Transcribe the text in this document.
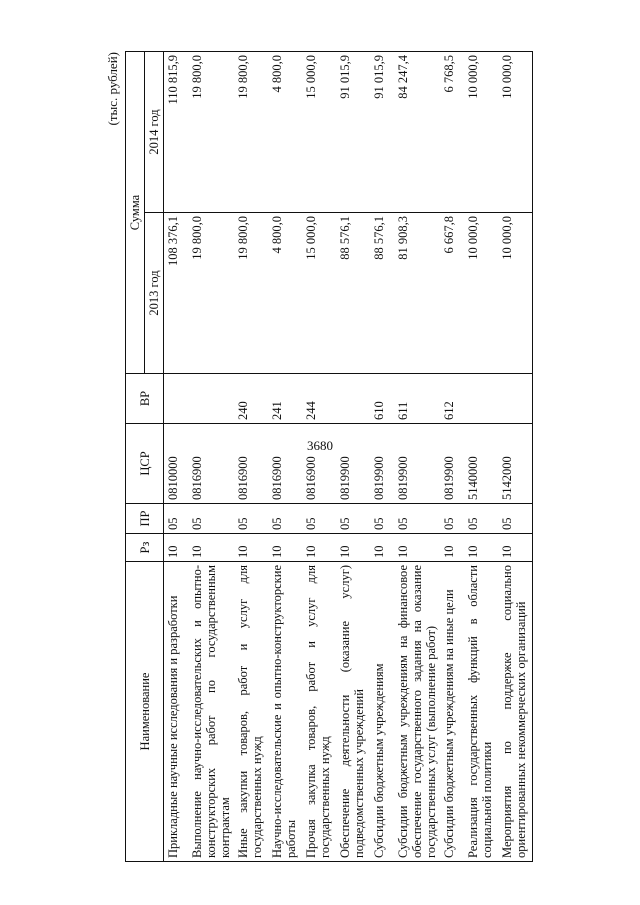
3680
(тыс. рублей)
Наименование	Рз	ПР	ЦСР	ВР	Сумма	
					2013 год	2014 год
Прикладные научные исследования и разработки	10	05	0810000		108 376,1	110 815,9
Выполнение научно-исследовательских и опытно-конструкторских работ по государственным контрактам	10	05	0816900		19 800,0	19 800,0
Иные закупки товаров, работ и услуг для государственных нужд	10	05	0816900	240	19 800,0	19 800,0
Научно-исследовательские и опытно-конструкторские работы	10	05	0816900	241	4 800,0	4 800,0
Прочая закупка товаров, работ и услуг для государственных нужд	10	05	0816900	244	15 000,0	15 000,0
Обеспечение деятельности (оказание услуг) подведомственных учреждений	10	05	0819900		88 576,1	91 015,9
Субсидии бюджетным учреждениям	10	05	0819900	610	88 576,1	91 015,9
Субсидии бюджетным учреждениям на финансовое обеспечение государственного задания на оказание государственных услуг (выполнение работ)	10	05	0819900	611	81 908,3	84 247,4
Субсидии бюджетным учреждениям на иные цели	10	05	0819900	612	6 667,8	6 768,5
Реализация государственных функций в области социальной политики	10	05	5140000		10 000,0	10 000,0
Мероприятия по поддержке социально ориентированных некоммерческих организаций	10	05	5142000		10 000,0	10 000,0
